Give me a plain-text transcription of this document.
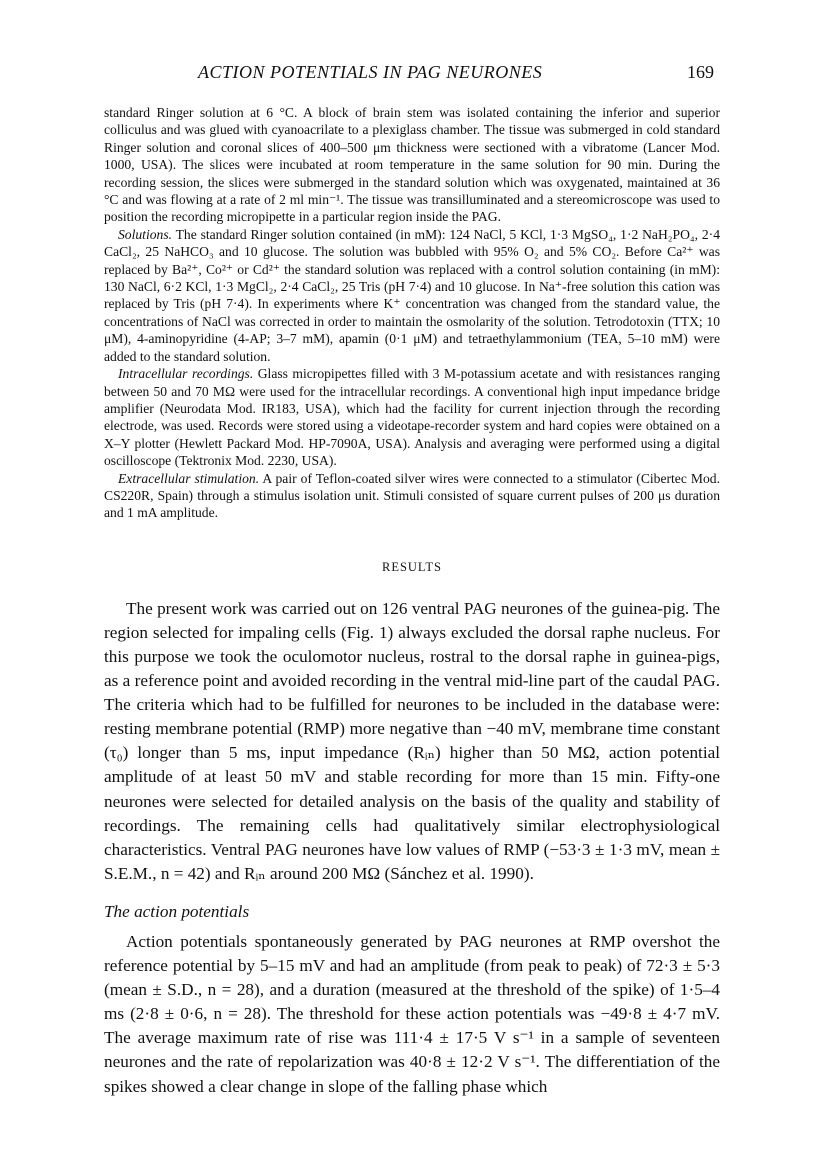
ACTION POTENTIALS IN PAG NEURONES	169

standard Ringer solution at 6 °C. A block of brain stem was isolated containing the inferior and superior colliculus and was glued with cyanoacrilate to a plexiglass chamber. The tissue was submerged in cold standard Ringer solution and coronal slices of 400–500 μm thickness were sectioned with a vibratome (Lancer Mod. 1000, USA). The slices were incubated at room temperature in the same solution for 90 min. During the recording session, the slices were submerged in the standard solution which was oxygenated, maintained at 36 °C and was flowing at a rate of 2 ml min⁻¹. The tissue was transilluminated and a stereomicroscope was used to position the recording micropipette in a particular region inside the PAG.

Solutions. The standard Ringer solution contained (in mM): 124 NaCl, 5 KCl, 1·3 MgSO₄, 1·2 NaH₂PO₄, 2·4 CaCl₂, 25 NaHCO₃ and 10 glucose. The solution was bubbled with 95% O₂ and 5% CO₂. Before Ca²⁺ was replaced by Ba²⁺, Co²⁺ or Cd²⁺ the standard solution was replaced with a control solution containing (in mM): 130 NaCl, 6·2 KCl, 1·3 MgCl₂, 2·4 CaCl₂, 25 Tris (pH 7·4) and 10 glucose. In Na⁺-free solution this cation was replaced by Tris (pH 7·4). In experiments where K⁺ concentration was changed from the standard value, the concentrations of NaCl was corrected in order to maintain the osmolarity of the solution. Tetrodotoxin (TTX; 10 μM), 4-aminopyridine (4-AP; 3–7 mM), apamin (0·1 μM) and tetraethylammonium (TEA, 5–10 mM) were added to the standard solution.

Intracellular recordings. Glass micropipettes filled with 3 M-potassium acetate and with resistances ranging between 50 and 70 MΩ were used for the intracellular recordings. A conventional high input impedance bridge amplifier (Neurodata Mod. IR183, USA), which had the facility for current injection through the recording electrode, was used. Records were stored using a videotape-recorder system and hard copies were obtained on a X–Y plotter (Hewlett Packard Mod. HP-7090A, USA). Analysis and averaging were performed using a digital oscilloscope (Tektronix Mod. 2230, USA).

Extracellular stimulation. A pair of Teflon-coated silver wires were connected to a stimulator (Cibertec Mod. CS220R, Spain) through a stimulus isolation unit. Stimuli consisted of square current pulses of 200 μs duration and 1 mA amplitude.

RESULTS

The present work was carried out on 126 ventral PAG neurones of the guinea-pig. The region selected for impaling cells (Fig. 1) always excluded the dorsal raphe nucleus. For this purpose we took the oculomotor nucleus, rostral to the dorsal raphe in guinea-pigs, as a reference point and avoided recording in the ventral mid-line part of the caudal PAG. The criteria which had to be fulfilled for neurones to be included in the database were: resting membrane potential (RMP) more negative than −40 mV, membrane time constant (τ₀) longer than 5 ms, input impedance (Rᵢₙ) higher than 50 MΩ, action potential amplitude of at least 50 mV and stable recording for more than 15 min. Fifty-one neurones were selected for detailed analysis on the basis of the quality and stability of recordings. The remaining cells had qualitatively similar electrophysiological characteristics. Ventral PAG neurones have low values of RMP (−53·3 ± 1·3 mV, mean ± S.E.M., n = 42) and Rᵢₙ around 200 MΩ (Sánchez et al. 1990).

The action potentials

Action potentials spontaneously generated by PAG neurones at RMP overshot the reference potential by 5–15 mV and had an amplitude (from peak to peak) of 72·3 ± 5·3 (mean ± S.D., n = 28), and a duration (measured at the threshold of the spike) of 1·5–4 ms (2·8 ± 0·6, n = 28). The threshold for these action potentials was −49·8 ± 4·7 mV. The average maximum rate of rise was 111·4 ± 17·5 V s⁻¹ in a sample of seventeen neurones and the rate of repolarization was 40·8 ± 12·2 V s⁻¹. The differentiation of the spikes showed a clear change in slope of the falling phase which
